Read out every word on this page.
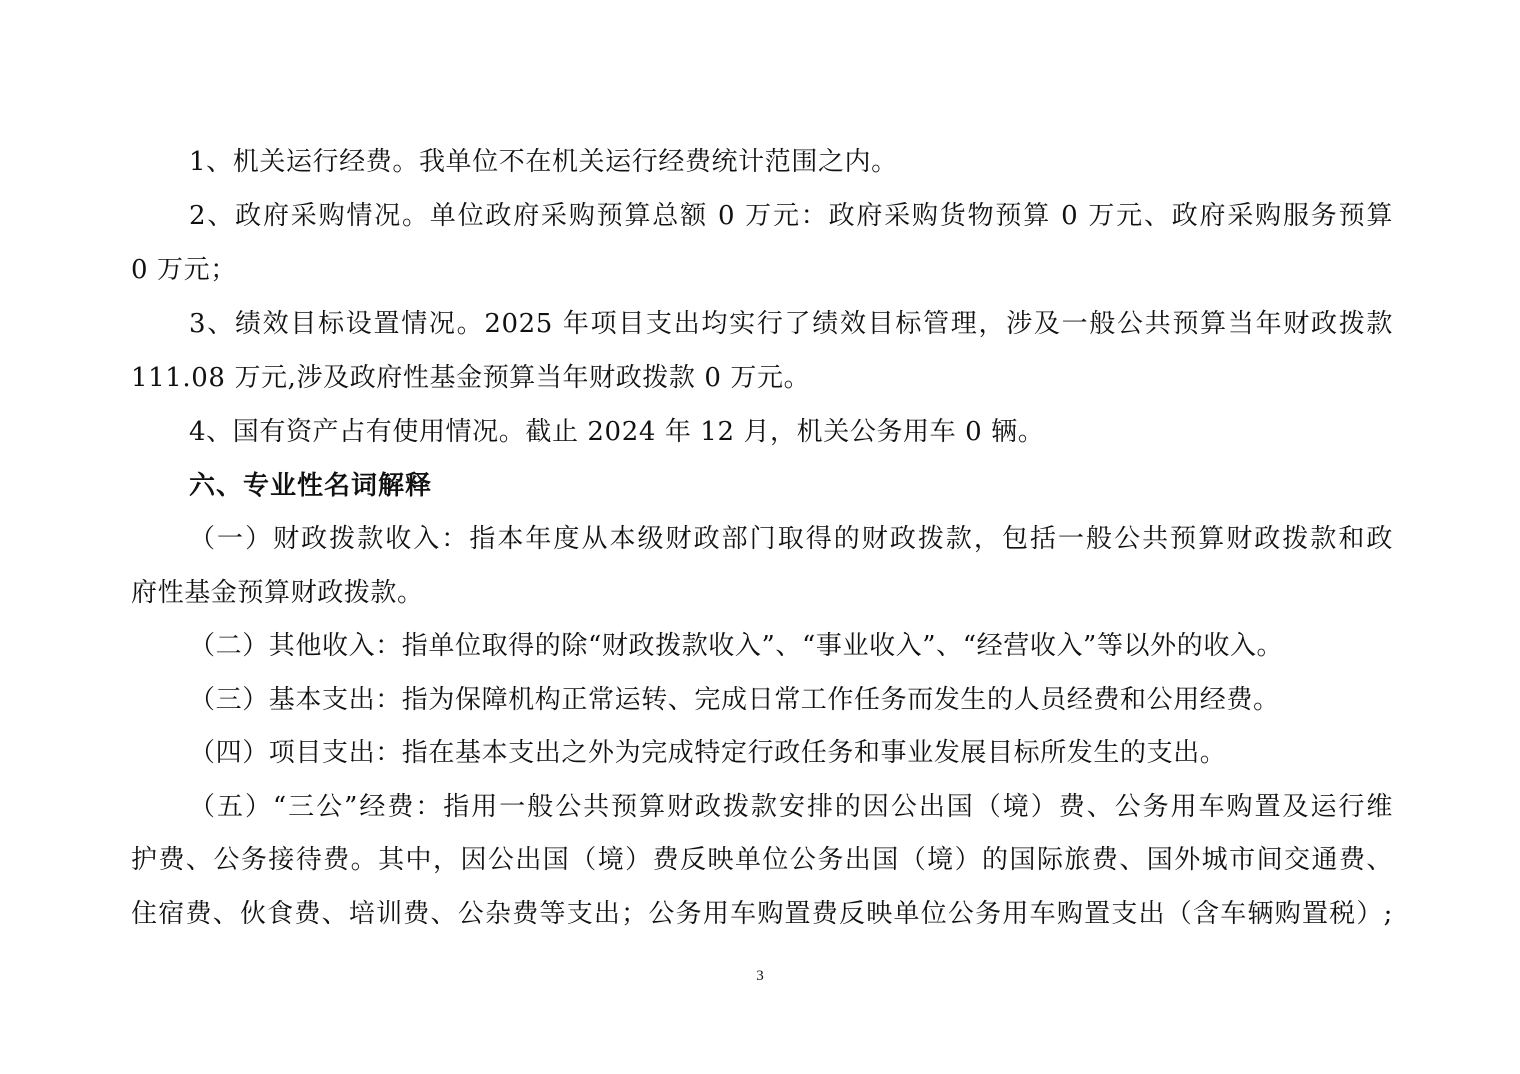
1、机关运行经费。我单位不在机关运行经费统计范围之内。
2、政府采购情况。单位政府采购预算总额 0 万元：政府采购货物预算 0 万元、政府采购服务预算
0 万元；
3、绩效目标设置情况。2025 年项目支出均实行了绩效目标管理，涉及一般公共预算当年财政拨款
111.08 万元,涉及政府性基金预算当年财政拨款 0 万元。
4、国有资产占有使用情况。截止 2024 年 12 月，机关公务用车 0 辆。
六、专业性名词解释
（一）财政拨款收入：指本年度从本级财政部门取得的财政拨款，包括一般公共预算财政拨款和政
府性基金预算财政拨款。
（二）其他收入：指单位取得的除“财政拨款收入”、“事业收入”、“经营收入”等以外的收入。
（三）基本支出：指为保障机构正常运转、完成日常工作任务而发生的人员经费和公用经费。
（四）项目支出：指在基本支出之外为完成特定行政任务和事业发展目标所发生的支出。
（五）“三公”经费：指用一般公共预算财政拨款安排的因公出国（境）费、公务用车购置及运行维
护费、公务接待费。其中，因公出国（境）费反映单位公务出国（境）的国际旅费、国外城市间交通费、
住宿费、伙食费、培训费、公杂费等支出；公务用车购置费反映单位公务用车购置支出（含车辆购置税）;
3
